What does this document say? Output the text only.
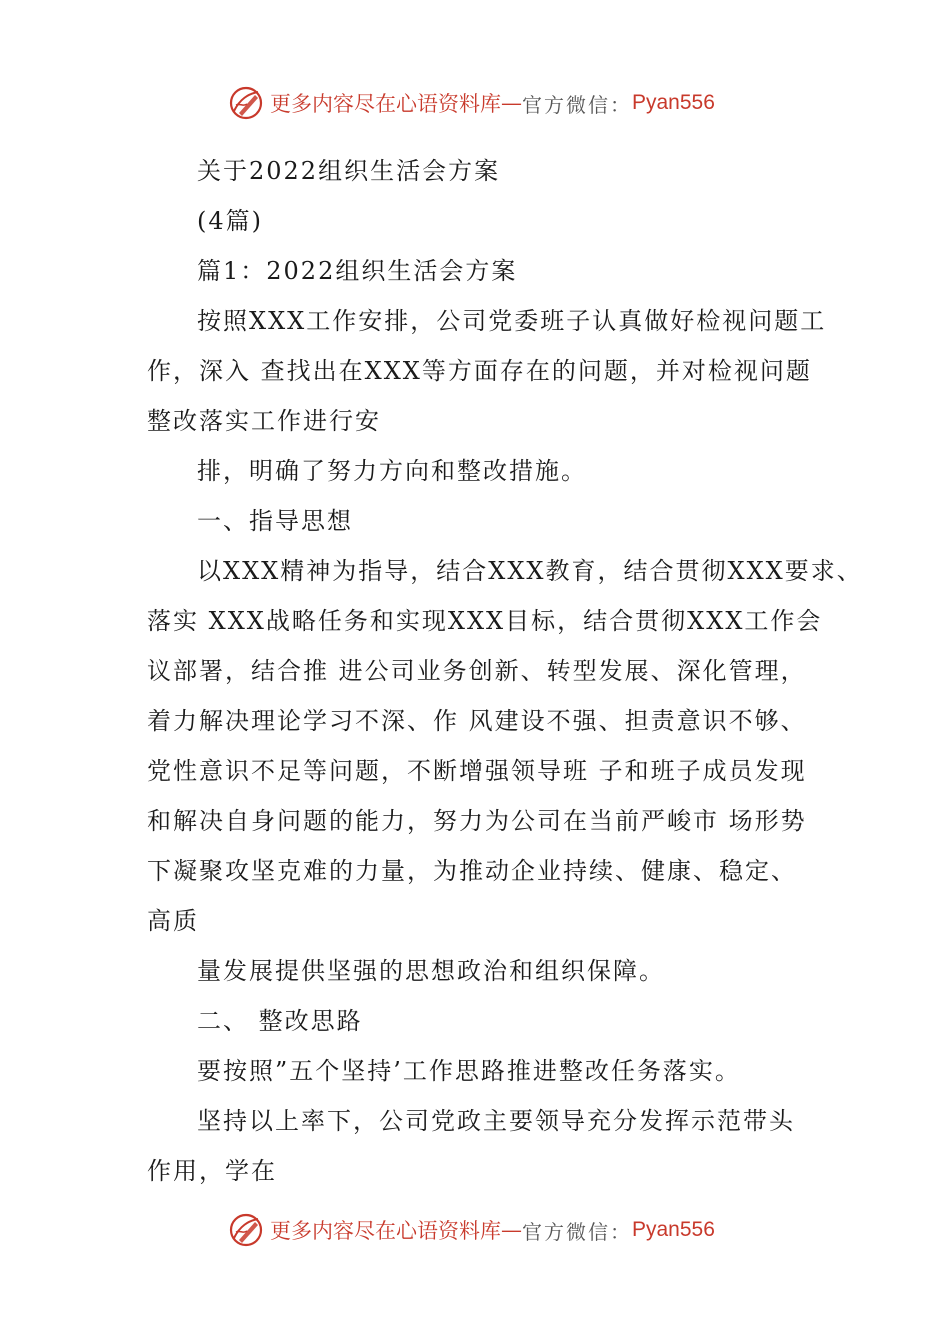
更多内容尽在心语资料库 — 官方微信： Pyan556
关于2022组织生活会方案
(4篇)
篇1：2022组织生活会方案
按照XXX工作安排，公司党委班子认真做好检视问题工
作，深入 查找出在XXX等方面存在的问题，并对检视问题
整改落实工作进行安
排，明确了努力方向和整改措施。
一、指导思想
以XXX精神为指导，结合XXX教育，结合贯彻XXX要求、
落实 XXX战略任务和实现XXX目标，结合贯彻XXX工作会
议部署，结合推 进公司业务创新、转型发展、深化管理，
着力解决理论学习不深、作 风建设不强、担责意识不够、
党性意识不足等问题，不断增强领导班 子和班子成员发现
和解决自身问题的能力，努力为公司在当前严峻市 场形势
下凝聚攻坚克难的力量，为推动企业持续、健康、稳定、
高质
量发展提供坚强的思想政治和组织保障。
二、 整改思路
要按照”五个坚持’工作思路推进整改任务落实。
坚持以上率下，公司党政主要领导充分发挥示范带头
作用，学在
更多内容尽在心语资料库 — 官方微信： Pyan556
